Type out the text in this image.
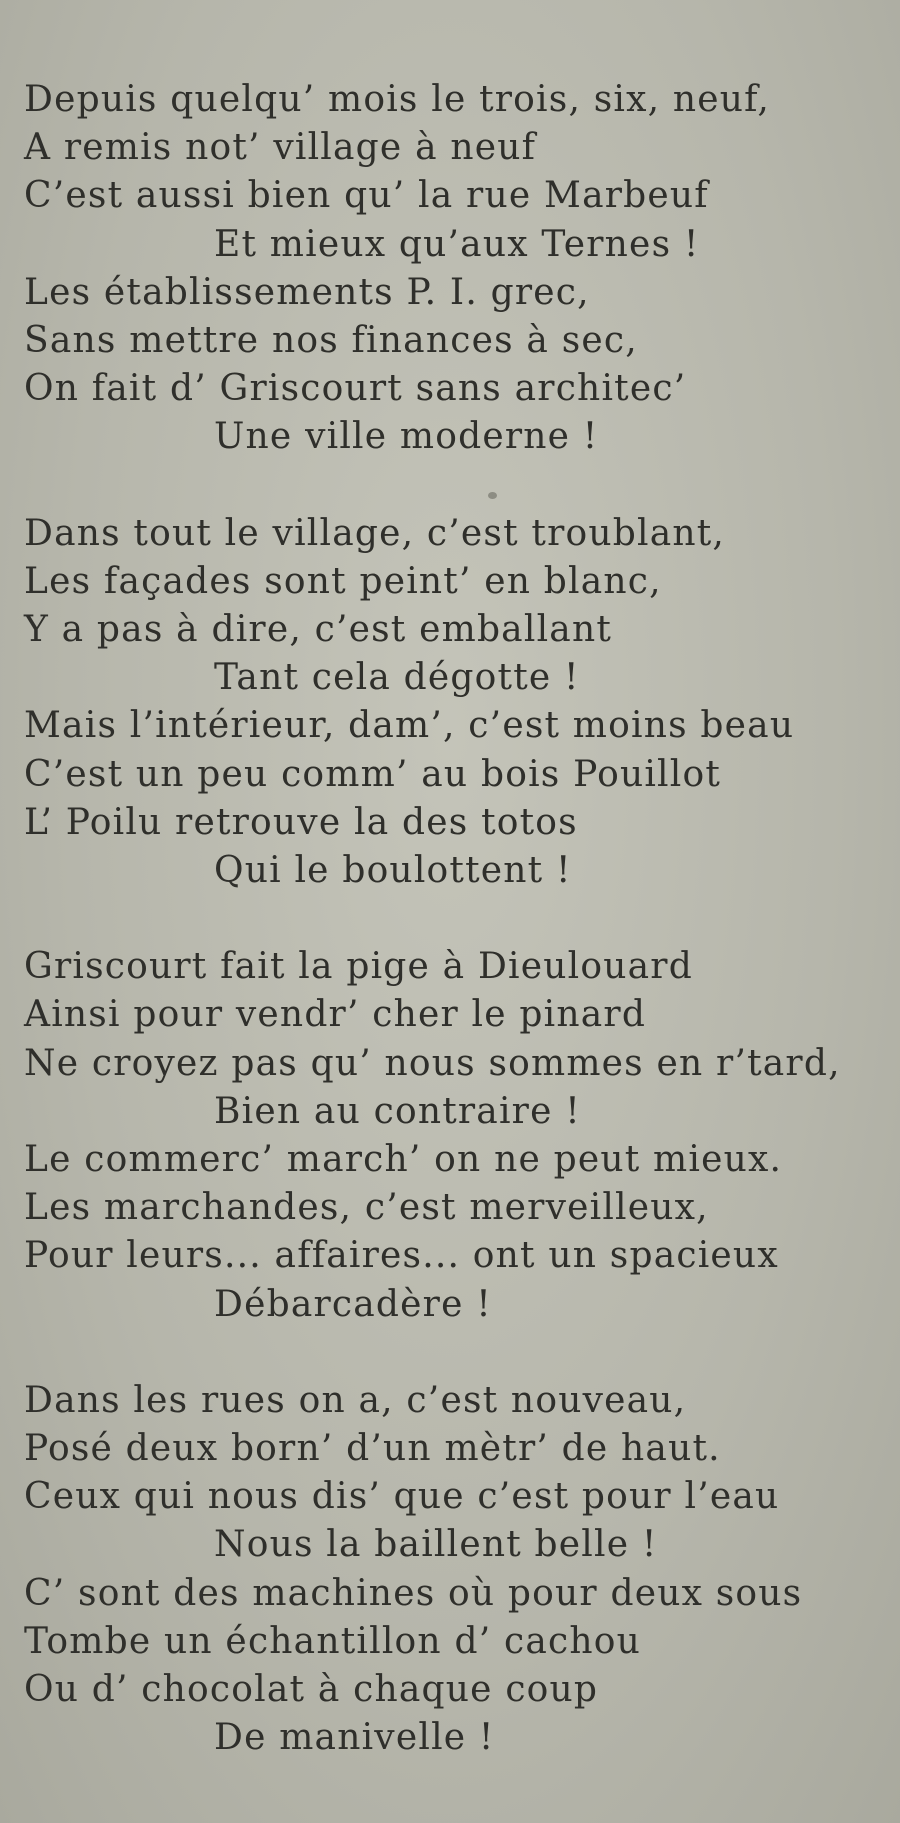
Depuis quelqu’ mois le trois, six, neuf,
A remis not’ village à neuf
C’est aussi bien qu’ la rue Marbeuf
Et mieux qu’aux Ternes !
Les établissements P. I. grec,
Sans mettre nos finances à sec,
On fait d’ Griscourt sans architec’
Une ville moderne !
Dans tout le village, c’est troublant,
Les façades sont peint’ en blanc,
Y a pas à dire, c’est emballant
Tant cela dégotte !
Mais l’intérieur, dam’, c’est moins beau
C’est un peu comm’ au bois Pouillot
L’ Poilu retrouve la des totos
Qui le boulottent !
Griscourt fait la pige à Dieulouard
Ainsi pour vendr’ cher le pinard
Ne croyez pas qu’ nous sommes en r’tard,
Bien au contraire !
Le commerc’ march’ on ne peut mieux.
Les marchandes, c’est merveilleux,
Pour leurs... affaires... ont un spacieux
Débarcadère !
Dans les rues on a, c’est nouveau,
Posé deux born’ d’un mètr’ de haut.
Ceux qui nous dis’ que c’est pour l’eau
Nous la baillent belle !
C’ sont des machines où pour deux sous
Tombe un échantillon d’ cachou
Ou d’ chocolat à chaque coup
De manivelle !
